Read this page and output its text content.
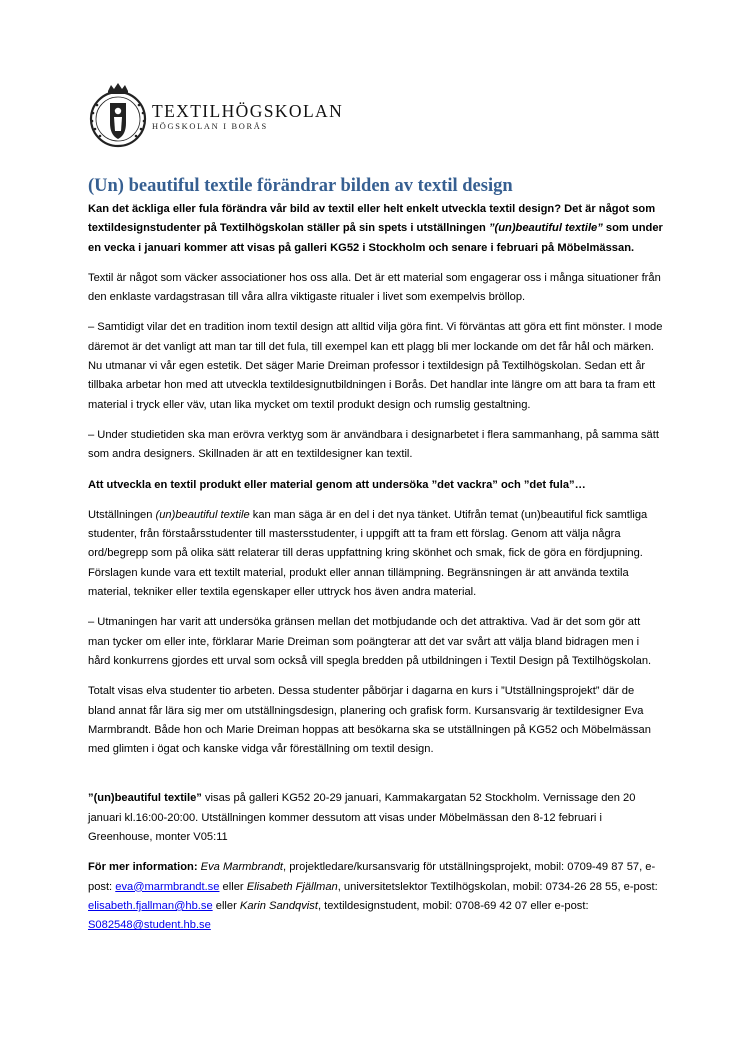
TEXTILHÖGSKOLAN
HÖGSKOLAN I BORÅS
(Un) beautiful textile förändrar bilden av textil design

Kan det äckliga eller fula förändra vår bild av textil eller helt enkelt utveckla textil design? Det är något som textildesignstudenter på Textilhögskolan ställer på sin spets i utställningen ”(un)beautiful textile” som under en vecka i januari kommer att visas på galleri KG52 i Stockholm och senare i februari på Möbelmässan.

Textil är något som väcker associationer hos oss alla. Det är ett material som engagerar oss i många situationer från den enklaste vardagstrasan till våra allra viktigaste ritualer i livet som exempelvis bröllop.

– Samtidigt vilar det en tradition inom textil design att alltid vilja göra fint. Vi förväntas att göra ett fint mönster. I mode däremot är det vanligt att man tar till det fula, till exempel kan ett plagg bli mer lockande om det får hål och märken. Nu utmanar vi vår egen estetik. Det säger Marie Dreiman professor i textildesign på Textilhögskolan. Sedan ett år tillbaka arbetar hon med att utveckla textildesignutbildningen i Borås. Det handlar inte längre om att bara ta fram ett material i tryck eller väv, utan lika mycket om textil produkt design och rumslig gestaltning.

– Under studietiden ska man erövra verktyg som är användbara i designarbetet i flera sammanhang, på samma sätt som andra designers. Skillnaden är att en textildesigner kan textil.

Att utveckla en textil produkt eller material genom att undersöka ”det vackra” och ”det fula”…

Utställningen (un)beautiful textile kan man säga är en del i det nya tänket. Utifrån temat (un)beautiful fick samtliga studenter, från förstaårsstudenter till mastersstudenter, i uppgift att ta fram ett förslag. Genom att välja några ord/begrepp som på olika sätt relaterar till deras uppfattning kring skönhet och smak, fick de göra en fördjupning. Förslagen kunde vara ett textilt material, produkt eller annan tillämpning. Begränsningen är att använda textila material, tekniker eller textila egenskaper eller uttryck hos även andra material.

– Utmaningen har varit att undersöka gränsen mellan det motbjudande och det attraktiva. Vad är det som gör att man tycker om eller inte, förklarar Marie Dreiman som poängterar att det var svårt att välja bland bidragen men i hård konkurrens gjordes ett urval som också vill spegla bredden på utbildningen i Textil Design på Textilhögskolan.

Totalt visas elva studenter tio arbeten. Dessa studenter påbörjar i dagarna en kurs i ”Utställningsprojekt” där de bland annat får lära sig mer om utställningsdesign, planering och grafisk form. Kursansvarig är textildesigner Eva Marmbrandt. Både hon och Marie Dreiman hoppas att besökarna ska se utställningen på KG52 och Möbelmässan med glimten i ögat och kanske vidga vår föreställning om textil design.

”(un)beautiful textile” visas på galleri KG52 20-29 januari, Kammakargatan 52 Stockholm. Vernissage den 20 januari kl.16:00-20:00. Utställningen kommer dessutom att visas under Möbelmässan den 8-12 februari i Greenhouse, monter V05:11

För mer information: Eva Marmbrandt, projektledare/kursansvarig för utställningsprojekt, mobil: 0709-49 87 57, e-post: eva@marmbrandt.se eller Elisabeth Fjällman, universitetslektor Textilhögskolan, mobil: 0734-26 28 55, e-post: elisabeth.fjallman@hb.se eller Karin Sandqvist, textildesignstudent, mobil: 0708-69 42 07 eller e-post: S082548@student.hb.se
